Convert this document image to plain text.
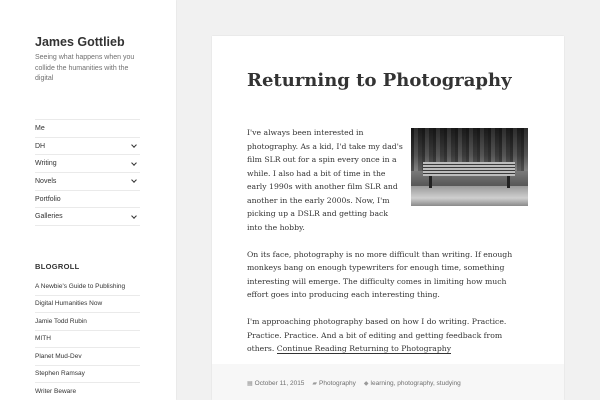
James Gottlieb
Seeing what happens when you collide the humanities with the digital
Me
DH
Writing
Novels
Portfolio
Galleries
BLOGROLL
A Newbie's Guide to Publishing
Digital Humanities Now
Jamie Todd Rubin
MITH
Planet Mud-Dev
Stephen Ramsay
Writer Beware
Returning to Photography

I've always been interested in photography. As a kid, I'd take my dad's film SLR out for a spin every once in a while. I also had a bit of time in the early 1990s with another film SLR and another in the early 2000s. Now, I'm picking up a DSLR and getting back into the hobby.

On its face, photography is no more difficult than writing. If enough monkeys bang on enough typewriters for enough time, something interesting will emerge. The difficulty comes in limiting how much effort goes into producing each interesting thing.

I'm approaching photography based on how I do writing. Practice. Practice. Practice. And a bit of editing and getting feedback from others. Continue Reading Returning to Photography

▦ October 11, 2015 ▰ Photography ◆ learning, photography, studying
